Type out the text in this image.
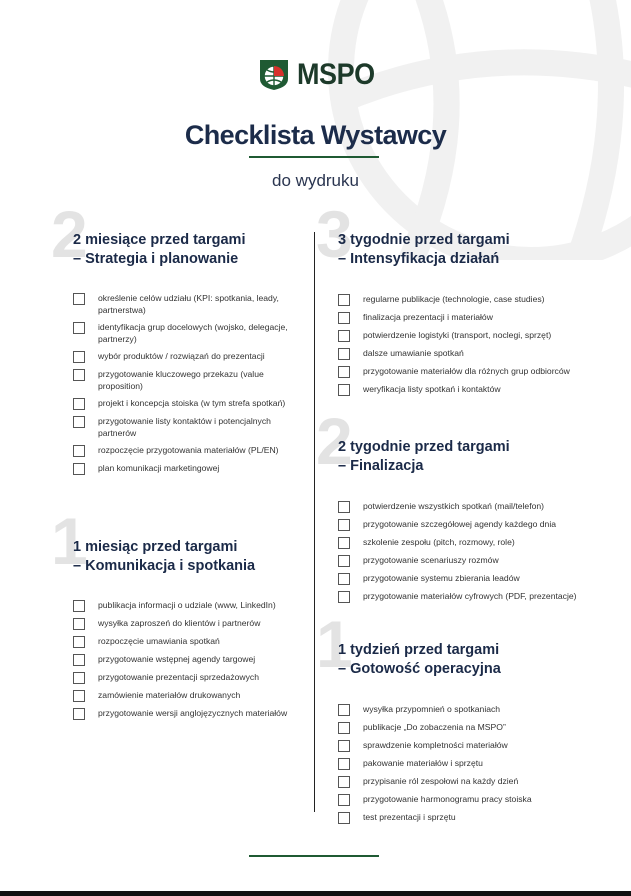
MSPO
Checklista Wystawcy
do wydruku
2
2 miesiące przed targami
– Strategia i planowanie
określenie celów udziału (KPI: spotkania, leady, partnerstwa)
identyfikacja grup docelowych (wojsko, delegacje, partnerzy)
wybór produktów / rozwiązań do prezentacji
przygotowanie kluczowego przekazu (value proposition)
projekt i koncepcja stoiska (w tym strefa spotkań)
przygotowanie listy kontaktów i potencjalnych partnerów
rozpoczęcie przygotowania materiałów (PL/EN)
plan komunikacji marketingowej
1
1 miesiąc przed targami
– Komunikacja i spotkania
publikacja informacji o udziale (www, LinkedIn)
wysyłka zaproszeń do klientów i partnerów
rozpoczęcie umawiania spotkań
przygotowanie wstępnej agendy targowej
przygotowanie prezentacji sprzedażowych
zamówienie materiałów drukowanych
przygotowanie wersji anglojęzycznych materiałów
3
3 tygodnie przed targami
– Intensyfikacja działań
regularne publikacje (technologie, case studies)
finalizacja prezentacji i materiałów
potwierdzenie logistyki (transport, noclegi, sprzęt)
dalsze umawianie spotkań
przygotowanie materiałów dla różnych grup odbiorców
weryfikacja listy spotkań i kontaktów
2
2 tygodnie przed targami
– Finalizacja
potwierdzenie wszystkich spotkań (mail/telefon)
przygotowanie szczegółowej agendy każdego dnia
szkolenie zespołu (pitch, rozmowy, role)
przygotowanie scenariuszy rozmów
przygotowanie systemu zbierania leadów
przygotowanie materiałów cyfrowych (PDF, prezentacje)
1
1 tydzień przed targami
– Gotowość operacyjna
wysyłka przypomnień o spotkaniach
publikacje „Do zobaczenia na MSPO”
sprawdzenie kompletności materiałów
pakowanie materiałów i sprzętu
przypisanie ról zespołowi na każdy dzień
przygotowanie harmonogramu pracy stoiska
test prezentacji i sprzętu
